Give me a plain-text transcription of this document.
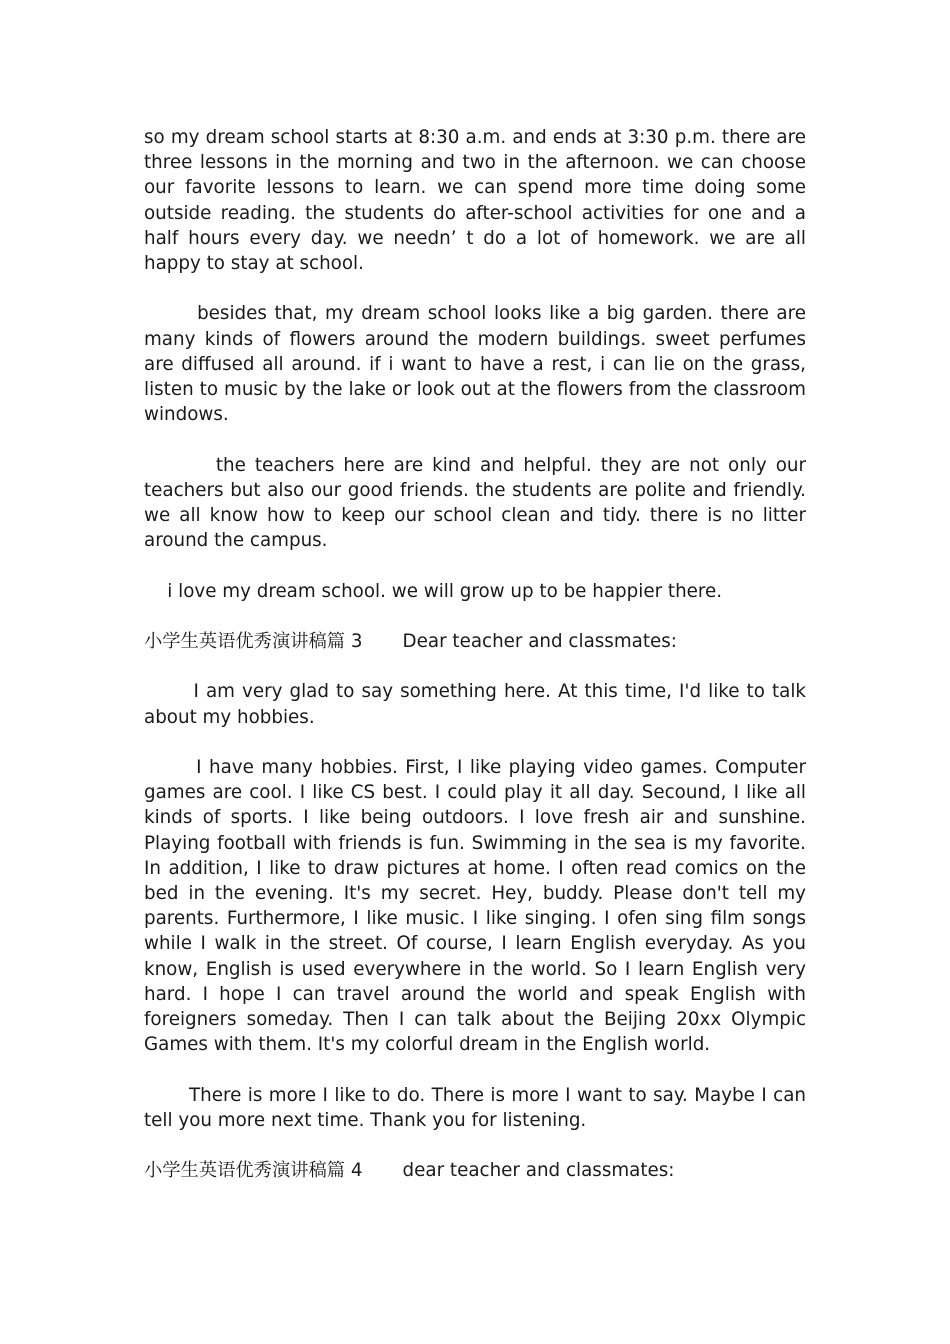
so my dream school starts at 8:30 a.m. and ends at 3:30 p.m. there are three lessons in the morning and two in the afternoon. we can choose our favorite lessons to learn. we can spend more time doing some outside reading. the students do after-school activities for one and a half hours every day. we needn’ t do a lot of homework. we are all happy to stay at school.

besides that, my dream school looks like a big garden. there are many kinds of flowers around the modern buildings. sweet perfumes are diffused all around. if i want to have a rest, i can lie on the grass, listen to music by the lake or look out at the flowers from the classroom windows.

the teachers here are kind and helpful. they are not only our teachers but also our good friends. the students are polite and friendly. we all know how to keep our school clean and tidy. there is no litter around the campus.

i love my dream school. we will grow up to be happier there.

小学生英语优秀演讲稿篇 3 Dear teacher and classmates:

I am very glad to say something here. At this time, I'd like to talk about my hobbies.

I have many hobbies. First, I like playing video games. Computer games are cool. I like CS best. I could play it all day. Secound, I like all kinds of sports. I like being outdoors. I love fresh air and sunshine. Playing football with friends is fun. Swimming in the sea is my favorite. In addition, I like to draw pictures at home. I often read comics on the bed in the evening. It's my secret. Hey, buddy. Please don't tell my parents. Furthermore, I like music. I like singing. I ofen sing film songs while I walk in the street. Of course, I learn English everyday. As you know, English is used everywhere in the world. So I learn English very hard. I hope I can travel around the world and speak English with foreigners someday. Then I can talk about the Beijing 20xx Olympic Games with them. It's my colorful dream in the English world.

There is more I like to do. There is more I want to say. Maybe I can tell you more next time. Thank you for listening.

小学生英语优秀演讲稿篇 4 dear teacher and classmates:
